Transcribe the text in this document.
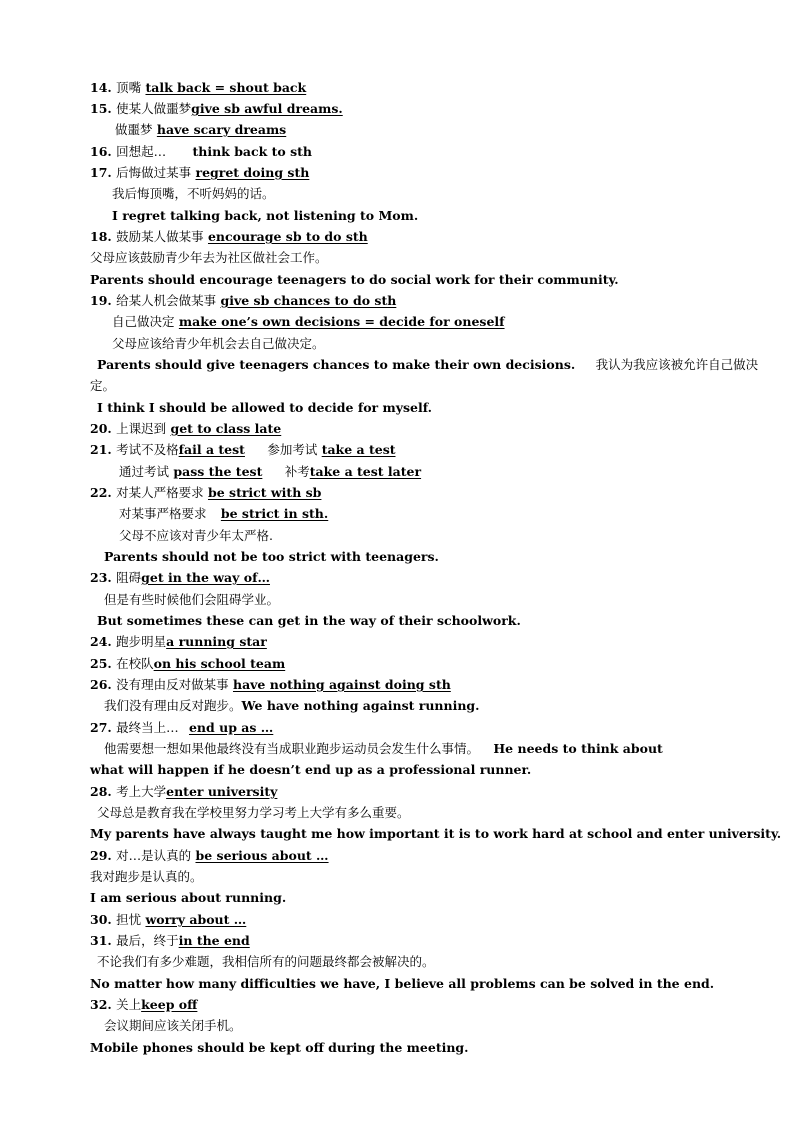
14. 顶嘴 talk back = shout back
15. 使某人做噩梦give sb awful dreams.
做噩梦 have scary dreams
16. 回想起… think back to sth
17. 后悔做过某事 regret doing sth
我后悔顶嘴，不听妈妈的话。
I regret talking back, not listening to Mom.
18. 鼓励某人做某事 encourage sb to do sth
父母应该鼓励青少年去为社区做社会工作。
Parents should encourage teenagers to do social work for their community.
19. 给某人机会做某事 give sb chances to do sth
自己做决定 make one’s own decisions = decide for oneself
父母应该给青少年机会去自己做决定。
Parents should give teenagers chances to make their own decisions. 我认为我应该被允许自己做决
定。
I think I should be allowed to decide for myself.
20. 上课迟到 get to class late
21. 考试不及格fail a test 参加考试 take a test
通过考试 pass the test 补考take a test later
22. 对某人严格要求 be strict with sb
对某事严格要求 be strict in sth.
父母不应该对青少年太严格.
Parents should not be too strict with teenagers.
23. 阻碍get in the way of…
但是有些时候他们会阻碍学业。
But sometimes these can get in the way of their schoolwork.
24. 跑步明星a running star
25. 在校队on his school team
26. 没有理由反对做某事 have nothing against doing sth
我们没有理由反对跑步。We have nothing against running.
27. 最终当上… end up as …
他需要想一想如果他最终没有当成职业跑步运动员会发生什么事情。 He needs to think about
what will happen if he doesn’t end up as a professional runner.
28. 考上大学enter university
父母总是教育我在学校里努力学习考上大学有多么重要。
My parents have always taught me how important it is to work hard at school and enter university.
29. 对…是认真的 be serious about …
我对跑步是认真的。
I am serious about running.
30. 担忧 worry about …
31. 最后，终于in the end
不论我们有多少难题，我相信所有的问题最终都会被解决的。
No matter how many difficulties we have, I believe all problems can be solved in the end.
32. 关上keep off
会议期间应该关闭手机。
Mobile phones should be kept off during the meeting.
